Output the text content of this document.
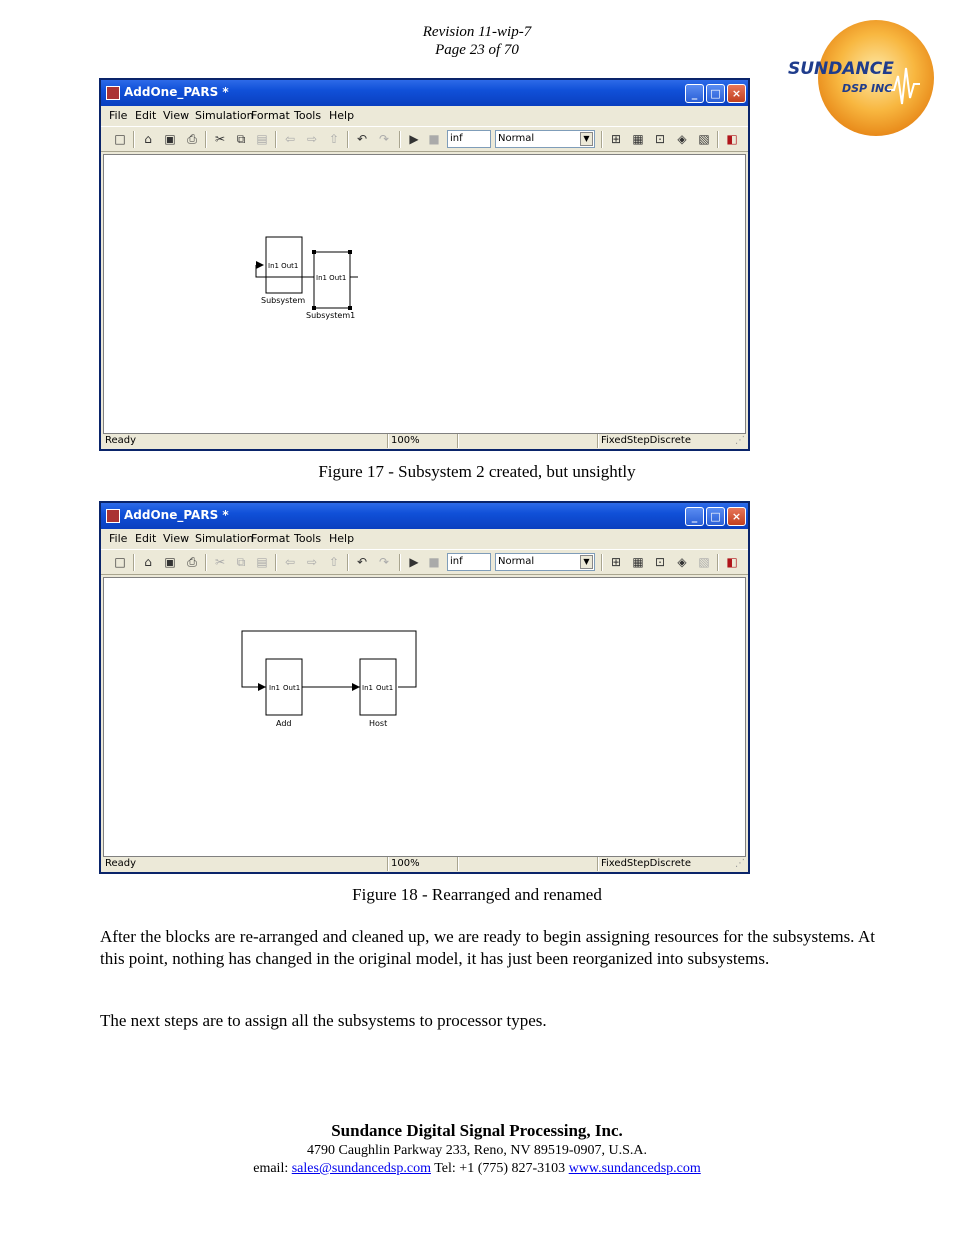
Revision 11-wip-7
Page 23 of 70
SUNDANCE
DSP INC
AddOne_PARS *	_	□	×
File Edit View Simulation
Format Tools Help
□ ⌂ ▣ ⎙ ✂ ⧉ ▤ ⇦ ⇨ ⇧ ↶ ↷ ▶ ■	inf	Normal	▼ ⊞ ▦ ⊡ ◈ ▧ ◧
In1 Out1
Subsystem
In1 Out1
Subsystem1
Ready	100%	FixedStepDiscrete	⋰
Figure 17 - Subsystem 2 created, but unsightly
AddOne_PARS *	_	□	×
File Edit View Simulation
Format Tools Help
□ ⌂ ▣ ⎙ ✂ ⧉ ▤ ⇦ ⇨ ⇧ ↶ ↷ ▶ ■	inf	Normal	▼ ⊞ ▦ ⊡ ◈ ▧ ◧
In1 Out1
Add
In1 Out1
Host
Ready	100%	FixedStepDiscrete	⋰
Figure 18 - Rearranged and renamed
After the blocks are re-arranged and cleaned up, we are ready to begin assigning resources for the subsystems. At this point, nothing has changed in the original model, it has just been reorganized into subsystems.
The next steps are to assign all the subsystems to processor types.
Sundance Digital Signal Processing, Inc.
4790 Caughlin Parkway 233, Reno, NV 89519-0907, U.S.A.
email: sales@sundancedsp.com Tel: +1 (775) 827-3103 www.sundancedsp.com
